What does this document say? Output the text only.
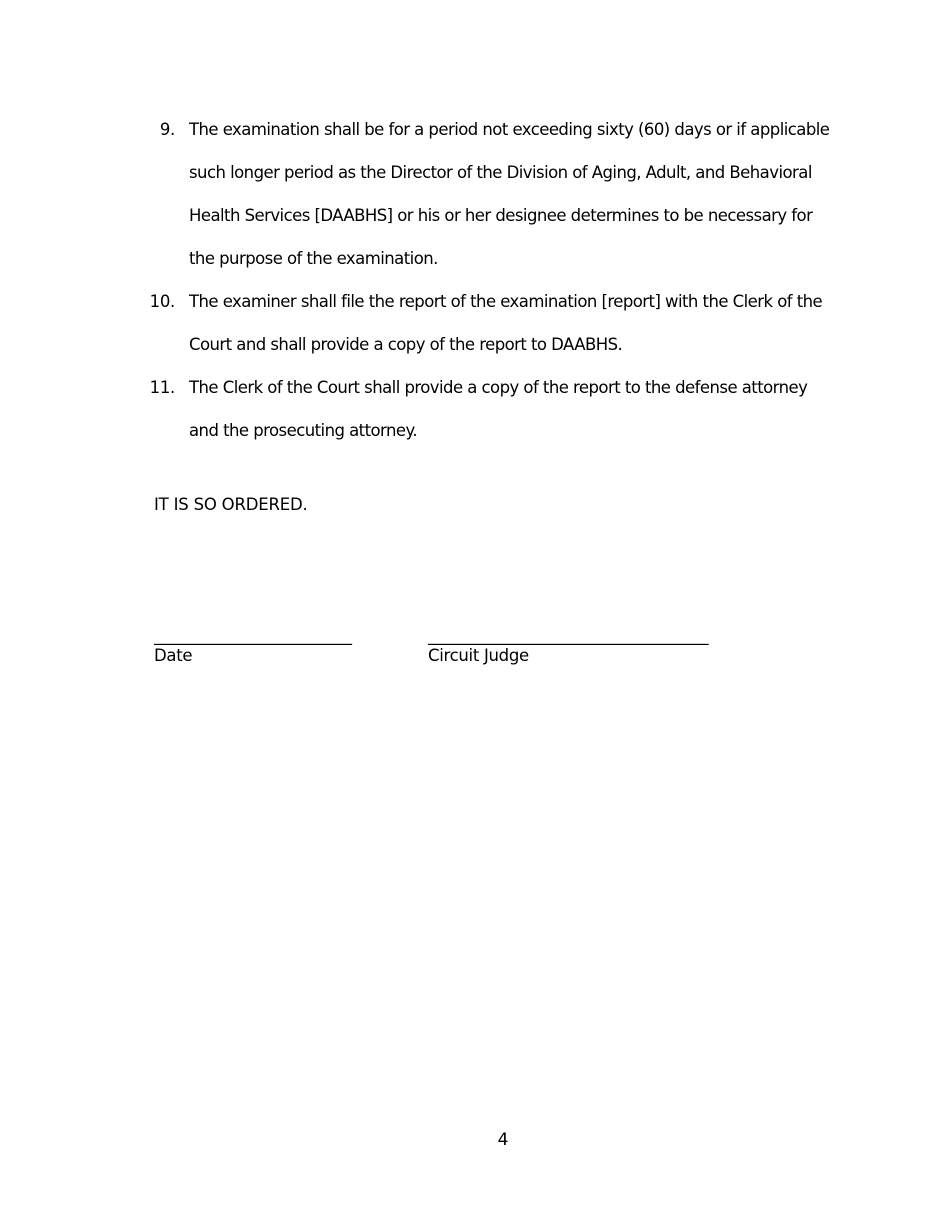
9. The examination shall be for a period not exceeding sixty (60) days or if applicable such longer period as the Director of the Division of Aging, Adult, and Behavioral Health Services [DAABHS] or his or her designee determines to be necessary for the purpose of the examination.
10. The examiner shall file the report of the examination [report] with the Clerk of the Court and shall provide a copy of the report to DAABHS.
11. The Clerk of the Court shall provide a copy of the report to the defense attorney and the prosecuting attorney.
IT IS SO ORDERED.
________________________
Date
__________________________________
Circuit Judge
4
